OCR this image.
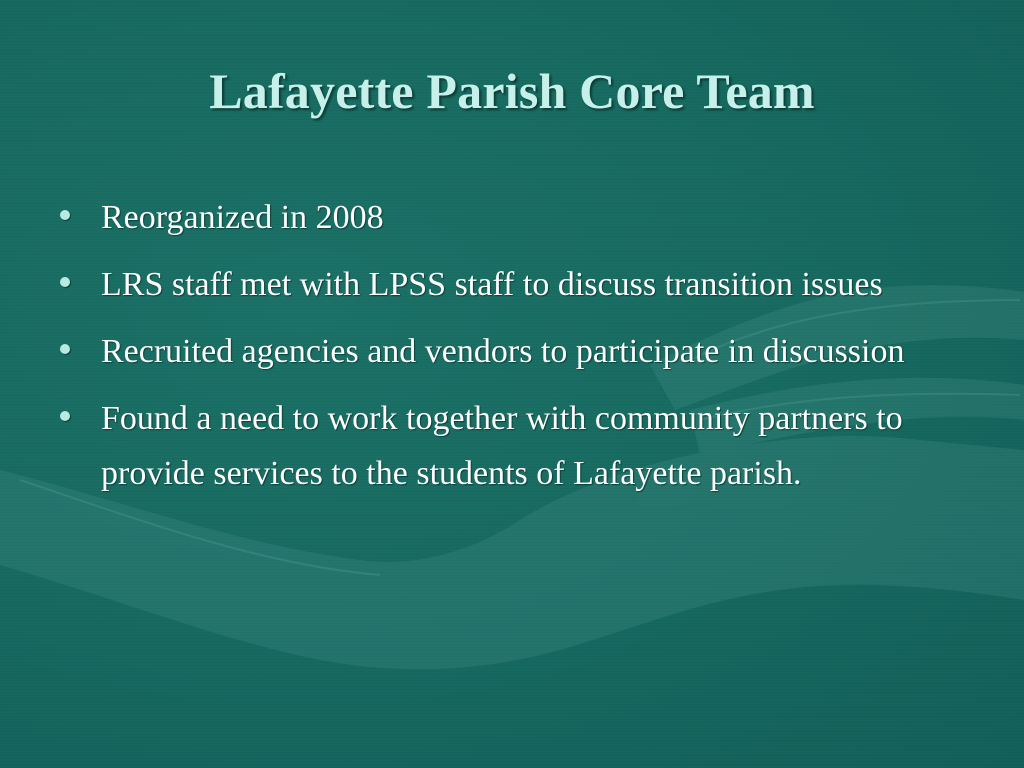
Lafayette Parish Core Team
Reorganized in 2008
LRS staff met with LPSS staff to discuss transition issues
Recruited agencies and vendors to participate in discussion
Found a need to work together with community partners to provide services to the students of Lafayette parish.
